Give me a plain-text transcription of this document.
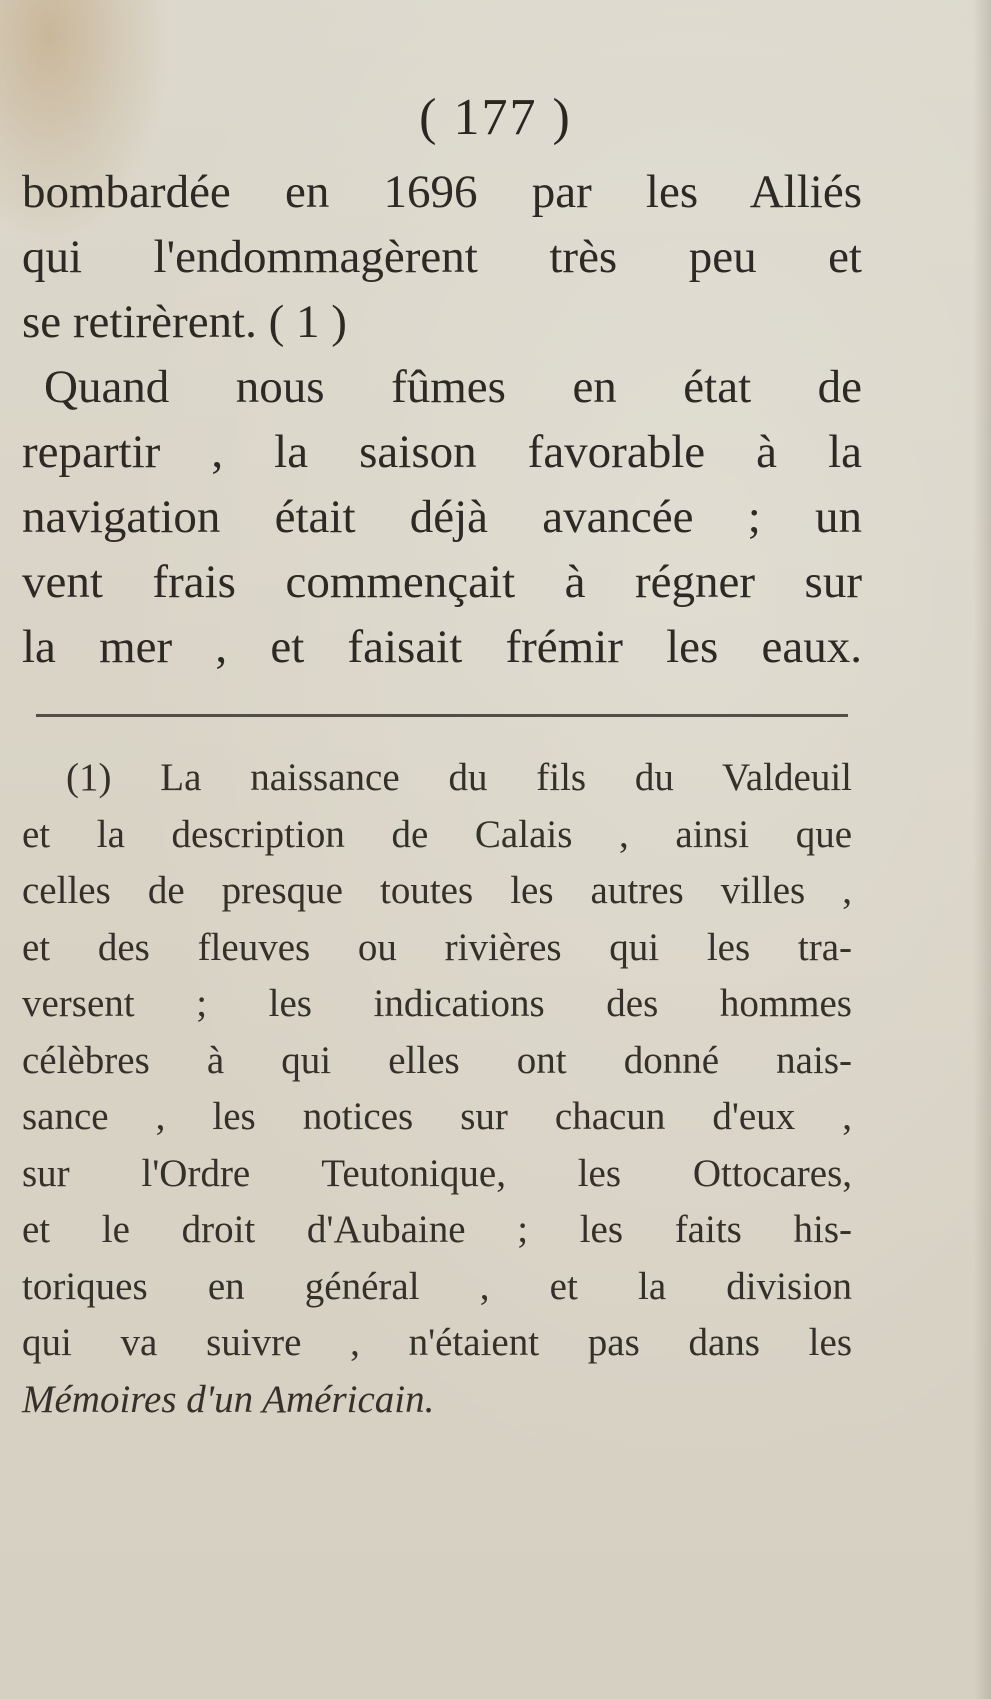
( 177 )
bombardée en 1696 par les Alliés
qui l'endommagèrent très peu et
se retirèrent. ( 1 )
Quand nous fûmes en état de
repartir , la saison favorable à la
navigation était déjà avancée ; un
vent frais commençait à régner sur
la mer , et faisait frémir les eaux.
(1) La naissance du fils du Valdeuil
et la description de Calais , ainsi que
celles de presque toutes les autres villes ,
et des fleuves ou rivières qui les tra-
versent ; les indications des hommes
célèbres à qui elles ont donné nais-
sance , les notices sur chacun d'eux ,
sur l'Ordre Teutonique, les Ottocares,
et le droit d'Aubaine ; les faits his-
toriques en général , et la division
qui va suivre , n'étaient pas dans les
Mémoires d'un Américain.
